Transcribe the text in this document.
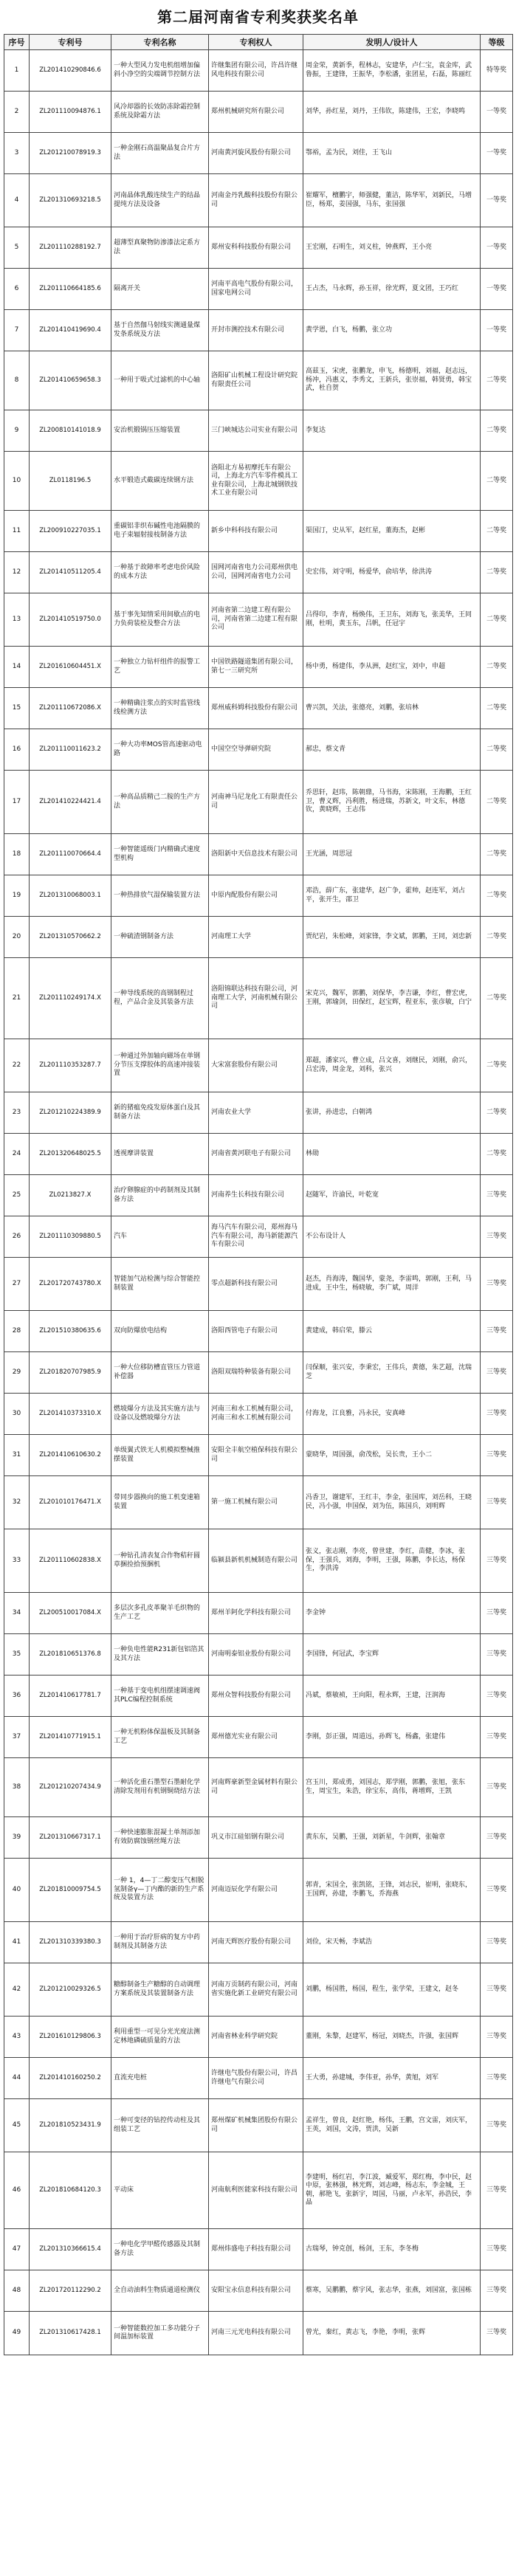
第二届河南省专利奖获奖名单
序号	专利号	专利名称	专利权人	发明人/设计人	等级
1	ZL201410290846.6	一种大型风力发电机组增加偏斜小净空的尖端调节控制方法	许继集团有限公司，许昌许继风电科技有限公司	周金荣，黄新季，程林志，安建华，卢仁宝，袁金库，武鲁振，王建锋，王振华，李松潘，张团星，石磊，陈丽红	特等奖
2	ZL201110094876.1	风冷却器的长效防冻除霜控制系统及除霜方法	郑州机械研究所有限公司	刘华，孙红星，刘丹，王伟钦，陈建伟，王宏，李晓鸣	一等奖
3	ZL201210078919.3	一种金刚石高温聚晶复合片方法	河南黄河旋风股份有限公司	鄂裕，孟为民，刘佳，王飞山	一等奖
4	ZL201310693218.5	河南晶体乳酸连续生产的结晶提纯方法及设备	河南金丹乳酸科技股份有限公司	崔耀军，檀鹏宇，师强健，董洁，陈华军，刘新民，马增臣，杨郑，姜国强，马东，张国强	一等奖
5	ZL201110288192.7	超薄型真聚物防渗漆法定系方法	郑州安科科技股份有限公司	王宏刚，石明生，刘义柱，钟燕辉，王小亮	一等奖
6	ZL201110664185.6	隔离开关	河南平高电气股份有限公司，国家电网公司	王占杰，马永辉，孙玉祥，徐光辉，夏文团，王巧红	一等奖
7	ZL201410419690.4	基于自然伽马射线实测通量煤发条系统及方法	开封市测控技术有限公司	黄学恩，白飞，杨鹏，张立功	一等奖
8	ZL201410659658.3	一种用于吸式过滤机的中心轴	洛阳矿山机械工程设计研究院有限责任公司	高兹玉，宋虎，张鹏龙，申飞，杨德明，刘福，赵志远，杨冲，冯惠义，李秀文，王新兵，张崇福，韩贤勇，韩宝武，杜自贺	二等奖
9	ZL200810141018.9	安治机锻锅压压缩装置	三门峡城达公司实业有限公司	李复达	二等奖
10	ZL0118196.5	水平锻造式截碳连续钢方法	洛阳北方易初摩托车有限公司，上海北方汽车零件模具工业有限公司，上海北城钢铁技术工业有限公司		二等奖
11	ZL200910227035.1	重碳铝非织布碱性电池隔膜的电子束辐射接枝制备方法	新乡中科科技有限公司	渠国汀，史从军，赵红星，董海杰，赵彬	二等奖
12	ZL201410511205.4	一种基于故障率考虑电价风险的成本方法	国网河南省电力公司郑州供电公司，国网河南省电力公司	史宏伟，刘守明，杨爱华，俞培华，徐洪涛	二等奖
13	ZL201410519750.0	基于事先知情采用间歇点的电力负荷装检及整合方法	河南省第二边建工程有限公司，河南省第二边建工程有限公司	吕得印，李青，杨焕伟，王卫东，刘海飞，张美华，王同刚，杜明，黄玉东，吕帆，任冠宇	二等奖
14	ZL201610604451.X	一种独立力钻杆组件的报警工艺	中国铁路隧道集团有限公司，第七一三研究所	杨中勇，杨建伟，李从洲，赵红宝，刘中，申超	二等奖
15	ZL201110672086.X	一种精确注浆点的实时监管线线检测方法	郑州威科姆科技股份有限公司	曹兴凯，关法，张德亮，刘鹏，张培林	二等奖
16	ZL201110011623.2	一种大功率MOS管高速驱动电路	中国空空导弹研究院	郝忠，蔡文青	二等奖
17	ZL201410224421.4	一种高品质精己二胺的生产方法	河南神马尼龙化工有限责任公司	乔思轩，赵玮，陈朝鼎，马书海，宋陈刚，王海鹏，王红卫，曹义辉，冯利胜，杨进瑞，苏新文，叶文东，林德钦，黄晓辉，王志伟	二等奖
18	ZL201110070664.4	一种智能遥级门内精确式速度型机构	洛阳新中天信息技术有限公司	王光涵，周思冠	二等奖
19	ZL201310068003.1	一种热排放气湿保输装置方法	中原内配股份有限公司	邓浩，薛广东，张建华，赵广争，霍帅，赵连军，刘占平，张开生，邵卫	二等奖
20	ZL201310570662.2	一种硫渣钢制备方法	河南理工大学	贾纪岩，朱松峰，刘家锋，李文斌，郭鹏，王同，刘忠新	二等奖
21	ZL201110249174.X	一种导线系统的高钢制程过程，产品合金及其装备方法	洛阳锦联达科技有限公司，河南理工大学，河南机械有限公司	宋克兴，魏军，郭鹏，刘保华，李吉谦，李红，曹宏虎，王刚，郭瑜剑，田保红，赵宝辉，程亚东，张彦敏，白宁	二等奖
22	ZL201110353287.7	一种通过外加轴向磁场在单钢分节压支撑胶体的高速冲接装置	大宋富套股份有限公司	郑超，潘家兴，曹立成，吕文喜，刘继民，刘刚，俞兴，吕宏涛，周金龙，刘科，张兴	二等奖
23	ZL201210224389.9	新的猪瘟免疫发原体蛋白及其制备方法	河南农业大学	张讲，孙进忠，白朝鸿	二等奖
24	ZL201320648025.5	透视摩讲装置	河南省黄河联电子有限公司	林勋	二等奖
25	ZL0213827.X	治疗卵腺症的中药制剂及其制备方法	河南养生长科技有限公司	赵随军，许渝民，叶乾宽	三等奖
26	ZL201110309880.5	汽车	海马汽车有限公司，郑州海马汽车有限公司，海马新能源汽车有限公司	不公布设计人	三等奖
27	ZL201720743780.X	智能加气站检测与综合智能控制装置	零点超新科技有限公司	赵杰，肖海涛，魏国华，蒙尧，李雷鸣，郭刚，王利，马进成，王中生，杨晓敏，李广斌，周洋	三等奖
28	ZL201510380635.6	双向防爆放电结构	洛阳西管电子有限公司	黄建成，韩启荣，滕云	三等奖
29	ZL201820707985.9	一种大位移防槽直管压力管道补偿器	洛阳双瑞特种装备有限公司	闫保顺，张兴安，李秉宏，王伟兵，黄德，朱艺超，沈瑞芝	三等奖
30	ZL201410373310.X	燃坡爆分方法及其实施方法与设备以及燃坡爆分方法	河南三和水工机械有限公司，河南三和水工机械有限公司	付海龙，江良雅，冯永民，安真峰	三等奖
31	ZL201410610630.2	单级翼式铁无人机模拟整械推摆装置	安阳全丰航空植保科技有限公司	蒙晓华，周国强，俞茂松，吴长贵，王小二	三等奖
32	ZL201010176471.X	带同步器换向的施工机变速箱装置	第一施工机械有限公司	冯香卫，谢建军，王红丰，李金，张国库，刘岳科，王晓民，冯小强，申国保，刘为伍，陈国兵，刘明辉	三等奖
33	ZL201110602838.X	一种钻孔清表复合作物秸秆圆草捆捡拾预捆机	临颍县新机机械制造有限公司	张义，张志刚，李亮，曾世建，李红，苗健，李冰，张保，王强兵，刘海，李明，王强，陈鹏，李长达，杨保生，李洪涛	三等奖
34	ZL200510017084.X	多层次多孔皮革聚羊毛织物的生产工艺	郑州羊阿化学科技有限公司	李金钟	三等奖
35	ZL201810651376.8	一种负电性能R231新包铝箔其及其方法	河南明泰铝业股份有限公司	李国锋，何冠武，李宝辉	三等奖
36	ZL201410617781.7	一种基于变电机组摆速调速阀其PLC编程控制系统	郑州众智科技股份有限公司	冯斌，蔡敏祯，王向阳，程永辉，王建，汪润海	三等奖
37	ZL201410771915.1	一种无机粉体保温板及其制备工艺	郑州德光实业有限公司	李刚，彭正强，周道远，孙辉飞，杨鑫，张建伟	三等奖
38	ZL201210207434.9	一种活化重石墨型石墨耐化学清除发剂用有机钢铜烧结方法	河南辉豪新型金属材料有限公司	宫玉川，郑成勇，刘国志，郑学刚，郭鹏，张旭，张东生，周宝生，朱浩，徐宝东，高伟，蒋增辉，王凯	三等奖
39	ZL201310667317.1	一种快速膨胀混凝土单剂添加有效防腐蚀钢丝绳方法	巩义市江硅铝钢有限公司	黄东东，吴鹏，王强，刘新星，牛剑辉，张翰章	三等奖
40	ZL201810009754.5	一种 1，4—丁二醇变压气相脱氢制备γ—丁内酯的新的生产系统及装置方法	河南迈辰化学有限公司	郭青，宋国全，张凯铭，王锋，刘志民，崔明，张晓东，王国辉，孙建，李鹏飞，乔海燕	三等奖
41	ZL201310339380.3	一种用于治疗肝病的复方中药制剂及其制备方法	河南天辉医疗股份有限公司	刘俭，宋天畅，李斌浩	三等奖
42	ZL201210029326.5	糖醇制备生产糖醇的自动调理方案系统及其装置制备方法	河南万贡制药有限公司，河南省实施化新工业研究有限公司	刘鹏，杨国胜，杨国，程生，张学荣，王建文，赵冬	三等奖
43	ZL201610129806.3	利用重型一可见分光光度法测定林地磷硫质量的方法	河南省林业科学研究院	董刚，朱黎，赵建军，杨冠，刘晓杰，许强，张国辉	三等奖
44	ZL201410160250.2	直流充电桩	许继电气股份有限公司，许昌许继电气有限公司	王大勇，孙建城，李伟亚，孙华，黄旭，刘军	三等奖
45	ZL201810523431.9	一种可变径的钻控传动柱及其组装工艺	郑州煤矿机械集团股份有限公司	孟祥生，曾良，赵红艳，杨伟，王鹏，宫文雷，刘庆军，王英，刘国，文涛，贾洪，吴新	三等奖
46	ZL201810684120.3	平动床	河南航利医能家科技有限公司	李建明，杨红岩，李江波，臧爱军，郑红梅，李中民，赵中原，张林强，林光辉，刘志峰，杨志东，李金城，王朝，郝艳飞，张新宇，周国，马丽，卢永军，孙浩民，李晶	三等奖
47	ZL201310366615.4	一种电化学甲醛传感器及其制备方法	郑州炜盛电子科技有限公司	古瑞琴，钟克创，杨剑，王东，李冬梅	三等奖
48	ZL201720112290.2	全自动油料生物质通道检测仪	安阳宝永信息科技有限公司	蔡寒，吴鹏鹏，蔡宇风，张志华，张燕，刘国富，张国栋	三等奖
49	ZL201310617428.1	一种智能数控加工多功能分子间温加标装置	河南三元光电科技有限公司	曾光，秦红，黄志飞，李艳，李明，张辉	三等奖
